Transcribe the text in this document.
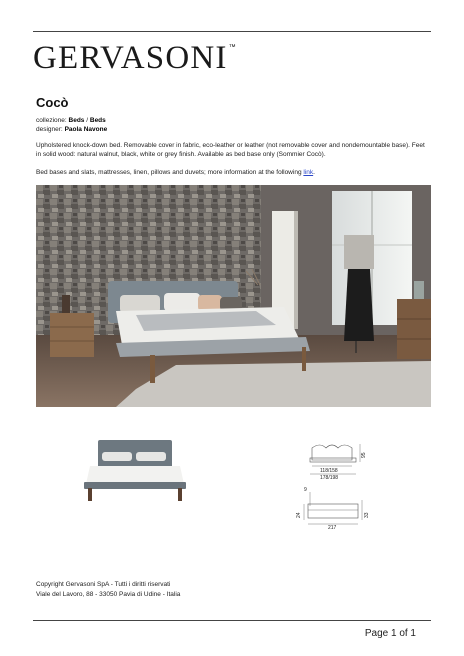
GERVASONI™
Cocò
collezione: Beds / Beds
designer: Paola Navone
Upholstered knock-down bed. Removable cover in fabric, eco-leather or leather (not removable cover and nondemountable base). Feet in solid wood: natural walnut, black, white or grey finish. Available as bed base only (Sommier Cocò).
Bed bases and slats, mattresses, linen, pillows and duvets; more information at the following link.
95
118/158
178/198
9
24	33
217
Copyright Gervasoni SpA - Tutti i diritti riservati
Viale del Lavoro, 88 - 33050 Pavia di Udine - Italia
Page 1 of 1
